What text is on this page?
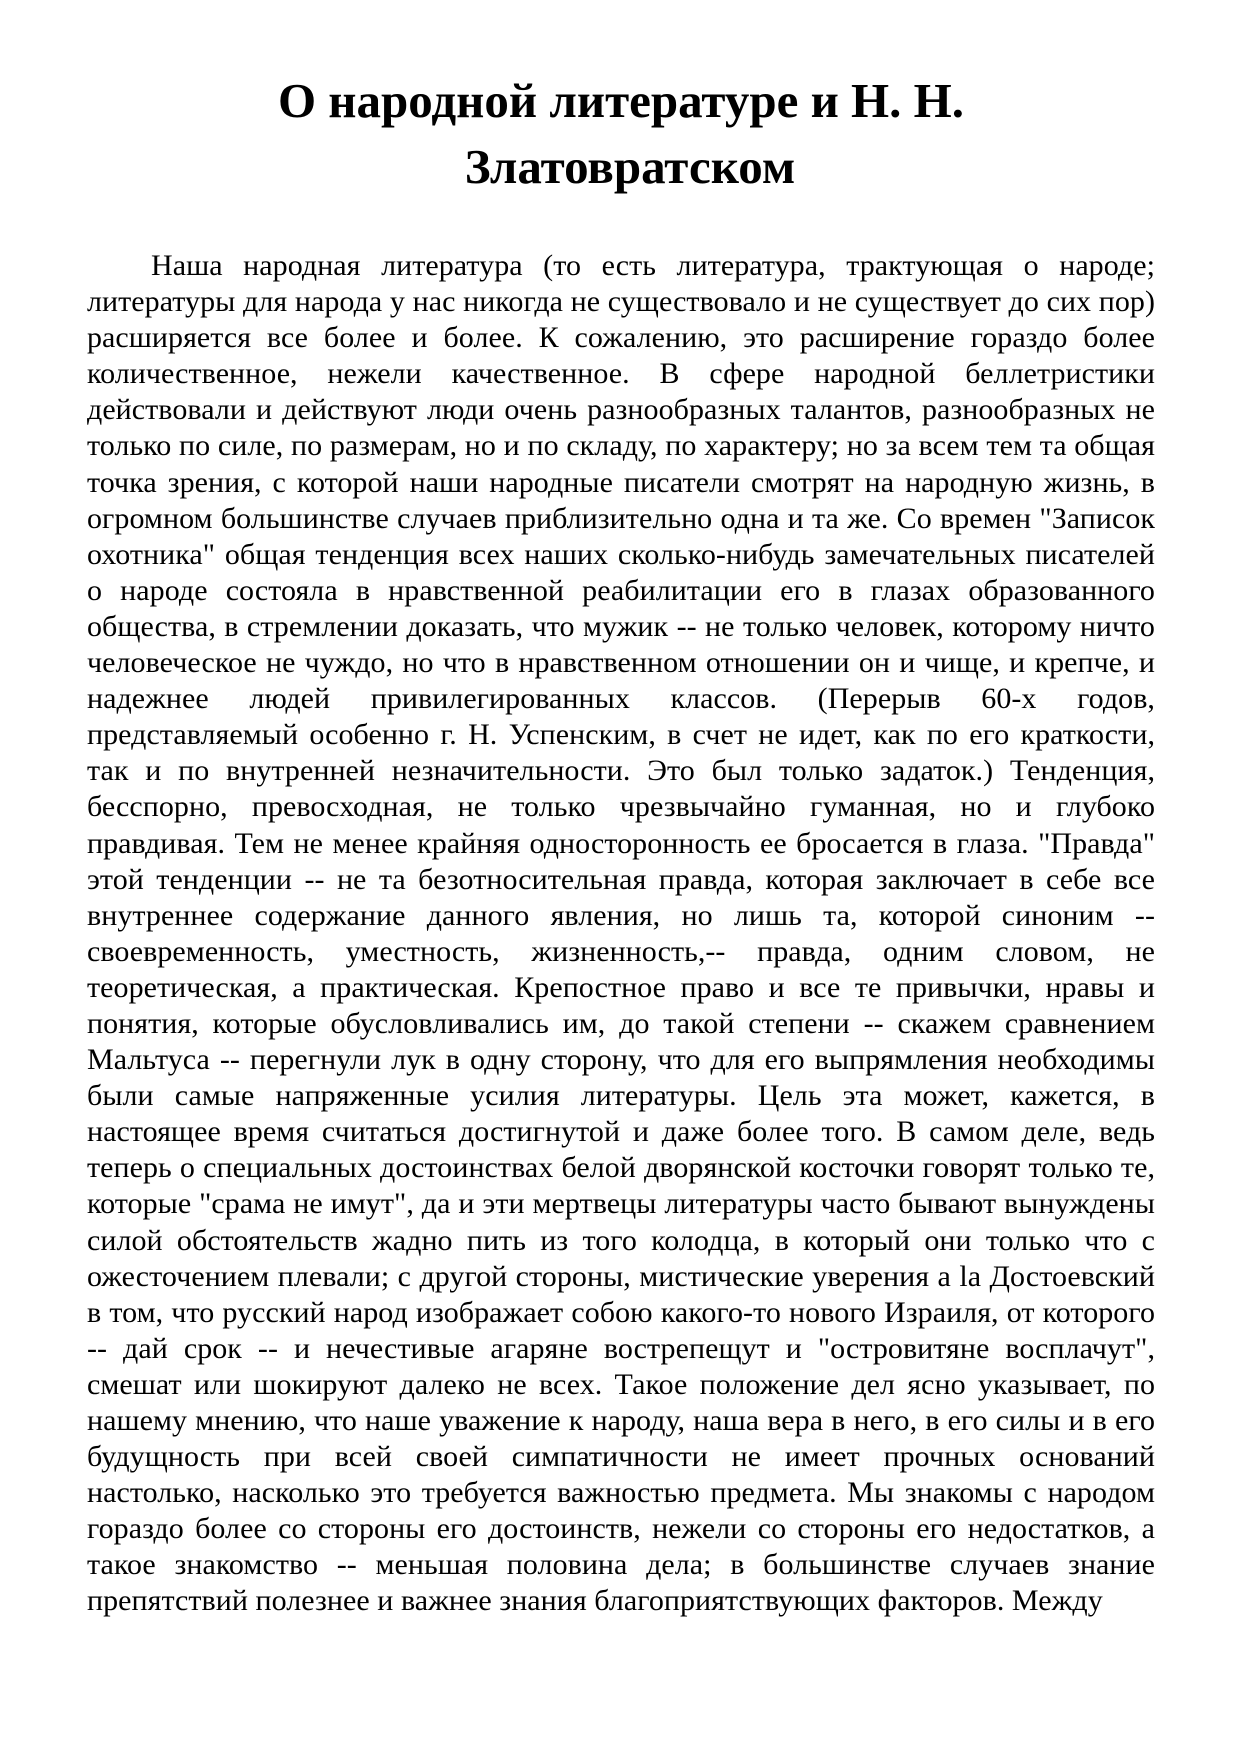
О народной литературе и Н. Н.
Златовратском

Наша народная литература (то есть литература, трактующая о народе; литературы для народа у нас никогда не существовало и не существует до сих пор) расширяется все более и более. К сожалению, это расширение гораздо более количественное, нежели качественное. В сфере народной беллетристики действовали и действуют люди очень разнообразных талантов, разнообразных не только по силе, по размерам, но и по складу, по характеру; но за всем тем та общая точка зрения, с которой наши народные писатели смотрят на народную жизнь, в огромном большинстве случаев приблизительно одна и та же. Со времен "Записок охотника" общая тенденция всех наших сколько-нибудь замечательных писателей о народе состояла в нравственной реабилитации его в глазах образованного общества, в стремлении доказать, что мужик -- не только человек, которому ничто человеческое не чуждо, но что в нравственном отношении он и чище, и крепче, и надежнее людей привилегированных классов. (Перерыв 60-х годов, представляемый особенно г. Н. Успенским, в счет не идет, как по его краткости, так и по внутренней незначительности. Это был только задаток.) Тенденция, бесспорно, превосходная, не только чрезвычайно гуманная, но и глубоко правдивая. Тем не менее крайняя односторонность ее бросается в глаза. "Правда" этой тенденции -- не та безотносительная правда, которая заключает в себе все внутреннее содержание данного явления, но лишь та, которой синоним -- своевременность, уместность, жизненность,-- правда, одним словом, не теоретическая, а практическая. Крепостное право и все те привычки, нравы и понятия, которые обусловливались им, до такой степени -- скажем сравнением Мальтуса -- перегнули лук в одну сторону, что для его выпрямления необходимы были самые напряженные усилия литературы. Цель эта может, кажется, в настоящее время считаться достигнутой и даже более того. В самом деле, ведь теперь о специальных достоинствах белой дворянской косточки говорят только те, которые "срама не имут", да и эти мертвецы литературы часто бывают вынуждены силой обстоятельств жадно пить из того колодца, в который они только что с ожесточением плевали; с другой стороны, мистические уверения a la Достоевский в том, что русский народ изображает собою какого-то нового Израиля, от которого -- дай срок -- и нечестивые агаряне вострепещут и "островитяне восплачут", смешат или шокируют далеко не всех. Такое положение дел ясно указывает, по нашему мнению, что наше уважение к народу, наша вера в него, в его силы и в его будущность при всей своей симпатичности не имеет прочных оснований настолько, насколько это требуется важностью предмета. Мы знакомы с народом гораздо более со стороны его достоинств, нежели со стороны его недостатков, а такое знакомство -- меньшая половина дела; в большинстве случаев знание препятствий полезнее и важнее знания благоприятствующих факторов. Между
